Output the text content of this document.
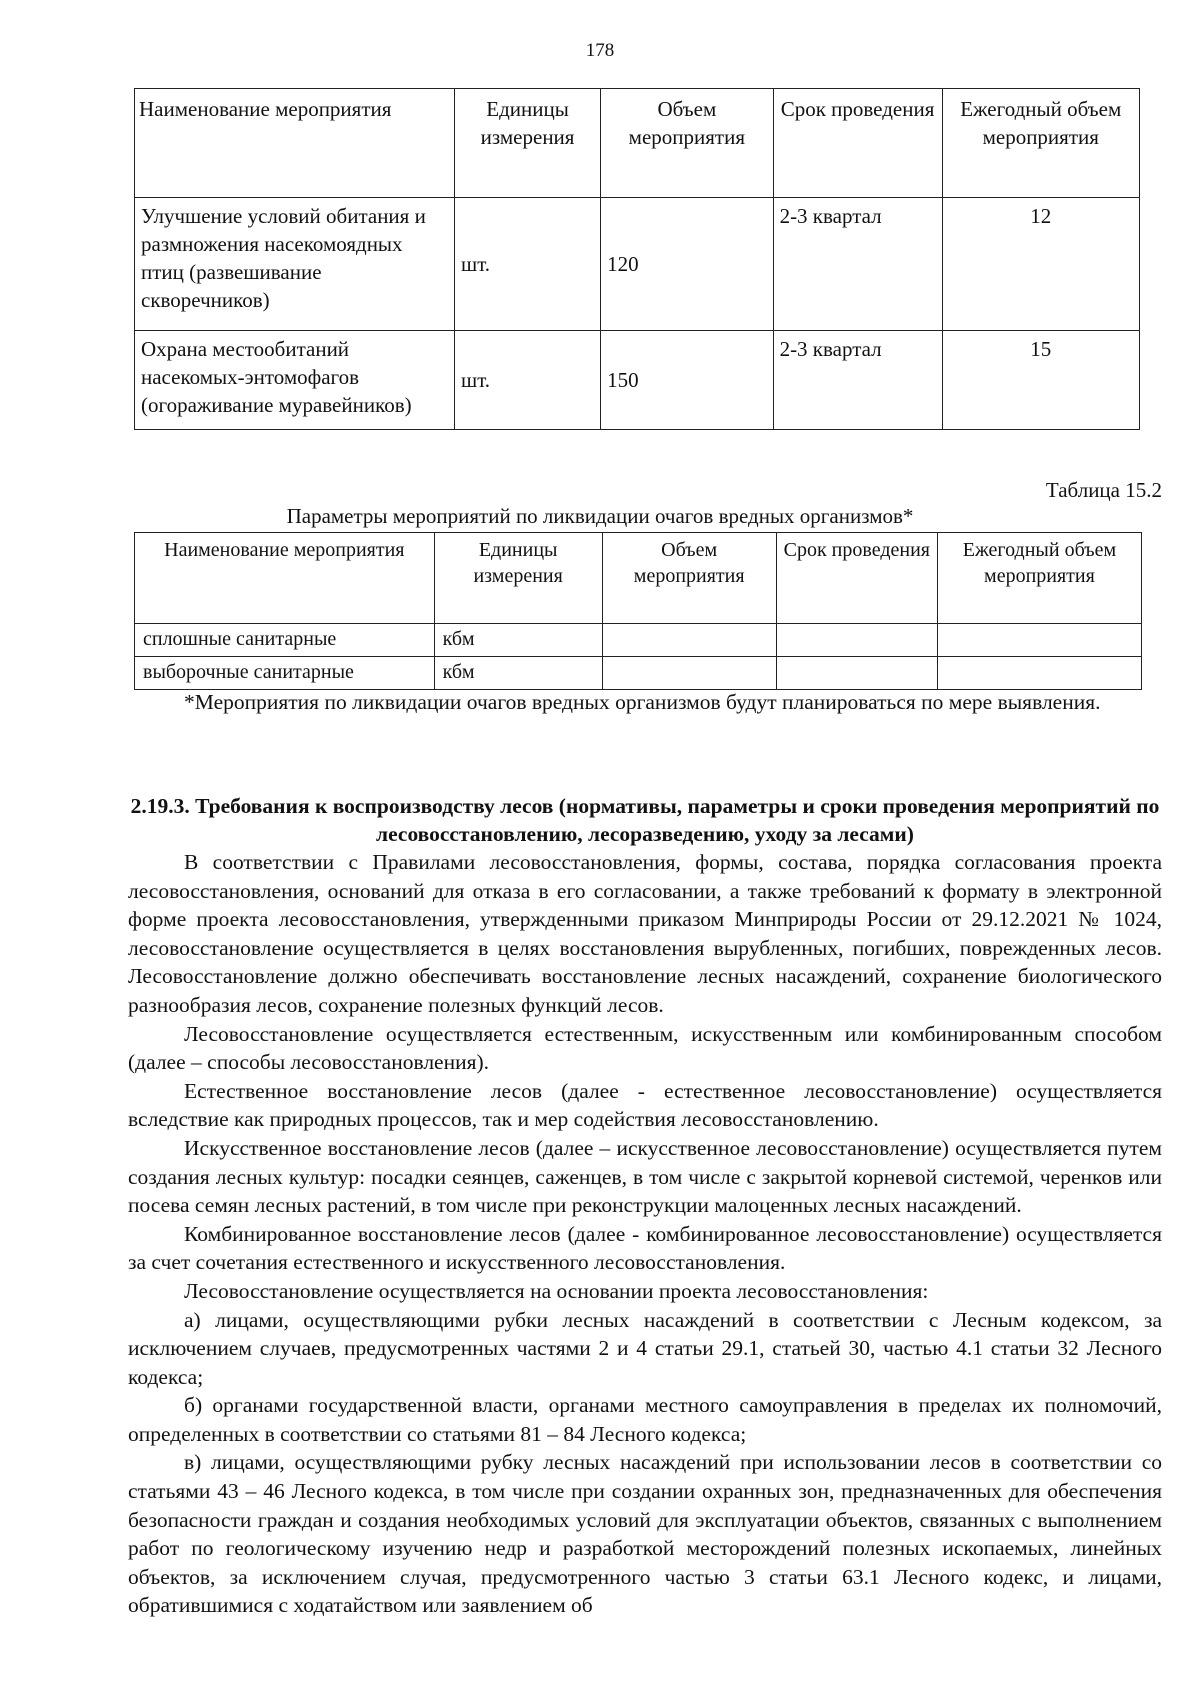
178
Наименование мероприятия	Единицы измерения	Объем мероприятия	Срок проведения	Ежегодный объем мероприятия
Улучшение условий обитания и размножения насекомоядных птиц (развешивание скворечников)	шт.	120	2-3 квартал	12
Охрана местообитаний насекомых-энтомофагов (огораживание муравейников)	шт.	150	2-3 квартал	15
Таблица 15.2
Параметры мероприятий по ликвидации очагов вредных организмов*
Наименование мероприятия	Единицы измерения	Объем мероприятия	Срок проведения	Ежегодный объем мероприятия
сплошные санитарные	кбм			
выборочные санитарные	кбм			

*Мероприятия по ликвидации очагов вредных организмов будут планироваться по мере выявления.

2.19.3. Требования к воспроизводству лесов (нормативы, параметры и сроки проведения мероприятий по лесовосстановлению, лесоразведению, уходу за лесами)

В соответствии с Правилами лесовосстановления, формы, состава, порядка согласования проекта лесовосстановления, оснований для отказа в его согласовании, а также требований к формату в электронной форме проекта лесовосстановления, утвержденными приказом Минприроды России от 29.12.2021 № 1024, лесовосстановление осуществляется в целях восстановления вырубленных, погибших, поврежденных лесов. Лесовосстановление должно обеспечивать восстановление лесных насаждений, сохранение биологического разнообразия лесов, сохранение полезных функций лесов.

Лесовосстановление осуществляется естественным, искусственным или комбинированным способом (далее – способы лесовосстановления).

Естественное восстановление лесов (далее - естественное лесовосстановление) осуществляется вследствие как природных процессов, так и мер содействия лесовосстановлению.

Искусственное восстановление лесов (далее – искусственное лесовосстановление) осуществляется путем создания лесных культур: посадки сеянцев, саженцев, в том числе с закрытой корневой системой, черенков или посева семян лесных растений, в том числе при реконструкции малоценных лесных насаждений.

Комбинированное восстановление лесов (далее - комбинированное лесовосстановление) осуществляется за счет сочетания естественного и искусственного лесовосстановления.

Лесовосстановление осуществляется на основании проекта лесовосстановления:

а) лицами, осуществляющими рубки лесных насаждений в соответствии с Лесным кодексом, за исключением случаев, предусмотренных частями 2 и 4 статьи 29.1, статьей 30, частью 4.1 статьи 32 Лесного кодекса;

б) органами государственной власти, органами местного самоуправления в пределах их полномочий, определенных в соответствии со статьями 81 – 84 Лесного кодекса;

в) лицами, осуществляющими рубку лесных насаждений при использовании лесов в соответствии со статьями 43 – 46 Лесного кодекса, в том числе при создании охранных зон, предназначенных для обеспечения безопасности граждан и создания необходимых условий для эксплуатации объектов, связанных с выполнением работ по геологическому изучению недр и разработкой месторождений полезных ископаемых, линейных объектов, за исключением случая, предусмотренного частью 3 статьи 63.1 Лесного кодекс, и лицами, обратившимися с ходатайством или заявлением об
